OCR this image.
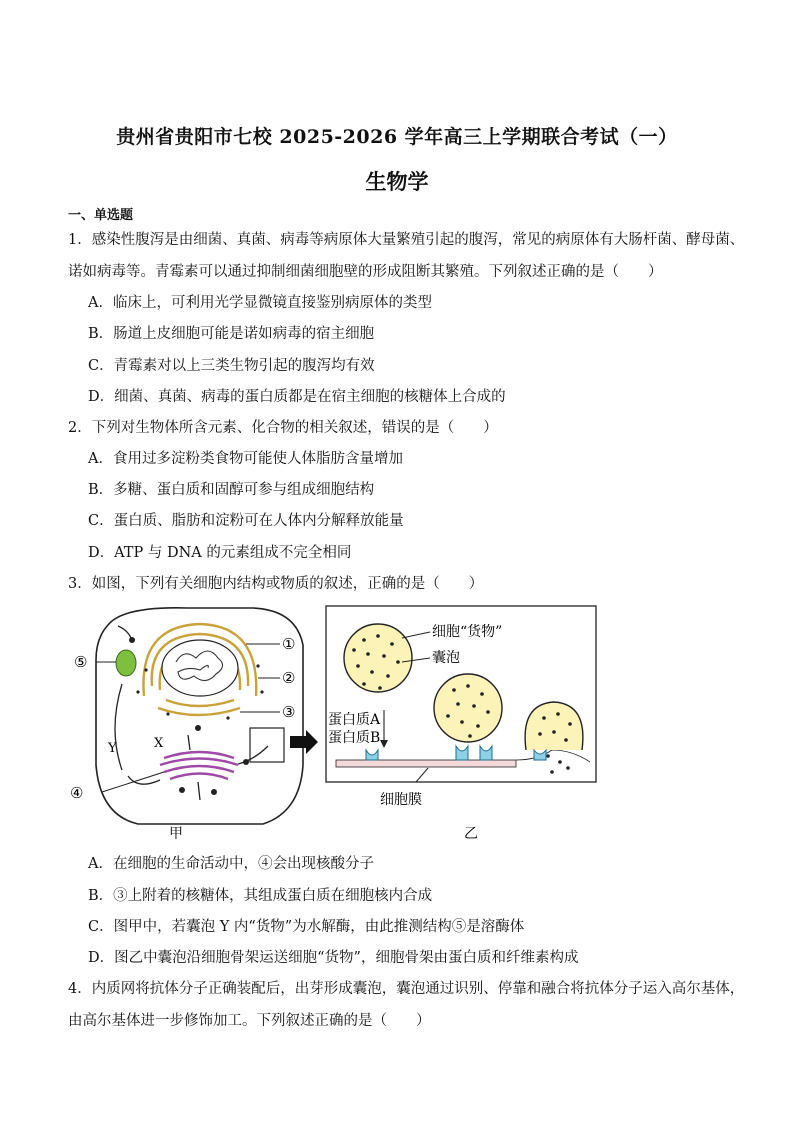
贵州省贵阳市七校 2025-2026 学年高三上学期联合考试（一）
生物学
一、单选题
1．感染性腹泻是由细菌、真菌、病毒等病原体大量繁殖引起的腹泻，常见的病原体有大肠杆菌、酵母菌、
诺如病毒等。青霉素可以通过抑制细菌细胞壁的形成阻断其繁殖。下列叙述正确的是（　　）
A．临床上，可利用光学显微镜直接鉴别病原体的类型
B．肠道上皮细胞可能是诺如病毒的宿主细胞
C．青霉素对以上三类生物引起的腹泻均有效
D．细菌、真菌、病毒的蛋白质都是在宿主细胞的核糖体上合成的
2．下列对生物体所含元素、化合物的相关叙述，错误的是（　　）
A．食用过多淀粉类食物可能使人体脂肪含量增加
B．多糖、蛋白质和固醇可参与组成细胞结构
C．蛋白质、脂肪和淀粉可在人体内分解释放能量
D．ATP 与 DNA 的元素组成不完全相同
3．如图，下列有关细胞内结构或物质的叙述，正确的是（　　）
①
②
③
④
⑤
X
Y
甲
细胞“货物”
囊泡
蛋白质A
蛋白质B
细胞膜
乙
A．在细胞的生命活动中，④会出现核酸分子
B．③上附着的核糖体，其组成蛋白质在细胞核内合成
C．图甲中，若囊泡 Y 内“货物”为水解酶，由此推测结构⑤是溶酶体
D．图乙中囊泡沿细胞骨架运送细胞“货物”，细胞骨架由蛋白质和纤维素构成
4．内质网将抗体分子正确装配后，出芽形成囊泡，囊泡通过识别、停靠和融合将抗体分子运入高尔基体，
由高尔基体进一步修饰加工。下列叙述正确的是（　　）
